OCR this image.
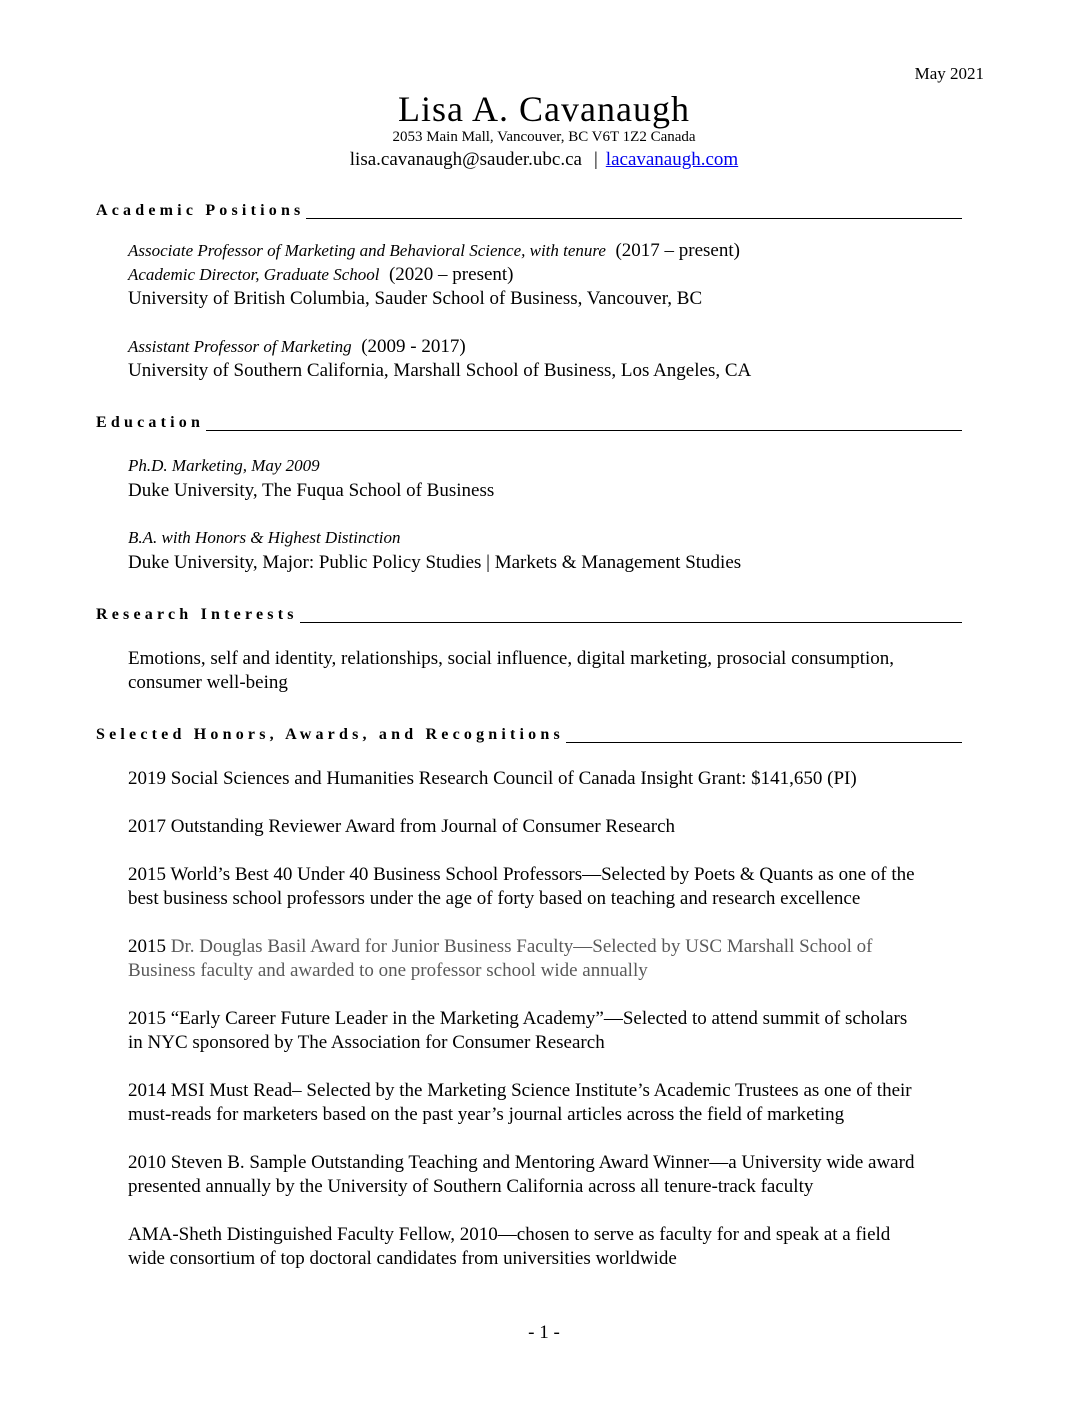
May 2021
Lisa A. Cavanaugh
2053 Main Mall, Vancouver, BC V6T 1Z2 Canada
lisa.cavanaugh@sauder.ubc.ca | lacavanaugh.com
Academic Positions
Associate Professor of Marketing and Behavioral Science, with tenure (2017 – present)
Academic Director, Graduate School (2020 – present)
University of British Columbia, Sauder School of Business, Vancouver, BC
Assistant Professor of Marketing (2009 - 2017)
University of Southern California, Marshall School of Business, Los Angeles, CA
Education
Ph.D. Marketing, May 2009
Duke University, The Fuqua School of Business
B.A. with Honors & Highest Distinction
Duke University, Major: Public Policy Studies | Markets & Management Studies
Research Interests
Emotions, self and identity, relationships, social influence, digital marketing, prosocial consumption,
consumer well-being
Selected Honors, Awards, and Recognitions
2019 Social Sciences and Humanities Research Council of Canada Insight Grant: $141,650 (PI)
2017 Outstanding Reviewer Award from Journal of Consumer Research
2015 World’s Best 40 Under 40 Business School Professors—Selected by Poets & Quants as one of the
best business school professors under the age of forty based on teaching and research excellence
2015 Dr. Douglas Basil Award for Junior Business Faculty—Selected by USC Marshall School of
Business faculty and awarded to one professor school wide annually
2015 “Early Career Future Leader in the Marketing Academy”—Selected to attend summit of scholars
in NYC sponsored by The Association for Consumer Research
2014 MSI Must Read– Selected by the Marketing Science Institute’s Academic Trustees as one of their
must-reads for marketers based on the past year’s journal articles across the field of marketing
2010 Steven B. Sample Outstanding Teaching and Mentoring Award Winner—a University wide award
presented annually by the University of Southern California across all tenure-track faculty
AMA-Sheth Distinguished Faculty Fellow, 2010—chosen to serve as faculty for and speak at a field
wide consortium of top doctoral candidates from universities worldwide
- 1 -
